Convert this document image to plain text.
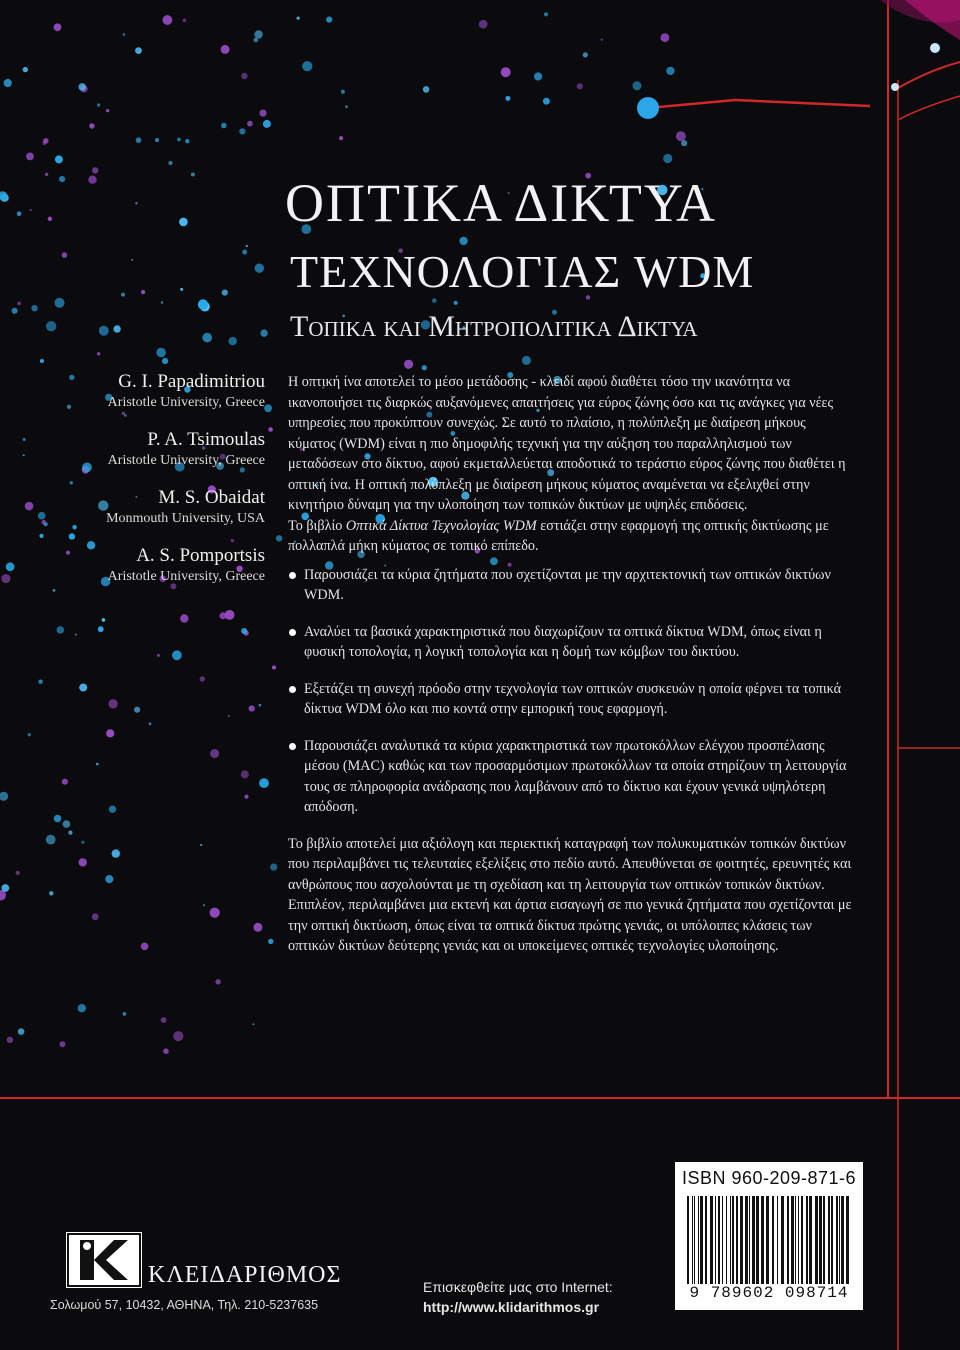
ΟΠΤΙΚΑ ΔΙΚΤΥΑ
ΤΕΧΝΟΛΟΓΙΑΣ WDM
Τοπικα και Μητροπολιτικα Δικτυα
G. I. Papadimitriou
Aristotle University, Greece
P. A. Tsimoulas
Aristotle University, Greece
M. S. Obaidat
Monmouth University, USA
A. S. Pomportsis
Aristotle University, Greece

Η οπτική ίνα αποτελεί το μέσο μετάδοσης - κλειδί αφού διαθέτει τόσο την ικανότητα να ικανοποιήσει τις διαρκώς αυξανόμενες απαιτήσεις για εύρος ζώνης όσο και τις ανάγκες για νέες υπηρεσίες που προκύπτουν συνεχώς. Σε αυτό το πλαίσιο, η πολύπλεξη με διαίρεση μήκους κύματος (WDM) είναι η πιο δημοφιλής τεχνική για την αύξηση του παραλληλισμού των μεταδόσεων στο δίκτυο, αφού εκμεταλλεύεται αποδοτικά το τεράστιο εύρος ζώνης που διαθέτει η οπτική ίνα. Η οπτική πολύπλεξη με διαίρεση μήκους κύματος αναμένεται να εξελιχθεί στην κινητήριο δύναμη για την υλοποίηση των τοπικών δικτύων με υψηλές επιδόσεις.

Το βιβλίο Οπτικά Δίκτυα Τεχνολογίας WDM εστιάζει στην εφαρμογή της οπτικής δικτύωσης με πολλαπλά μήκη κύματος σε τοπικό επίπεδο.

Παρουσιάζει τα κύρια ζητήματα που σχετίζονται με την αρχιτεκτονική των οπτικών δικτύων WDM.
Αναλύει τα βασικά χαρακτηριστικά που διαχωρίζουν τα οπτικά δίκτυα WDM, όπως είναι η φυσική τοπολογία, η λογική τοπολογία και η δομή των κόμβων του δικτύου.
Εξετάζει τη συνεχή πρόοδο στην τεχνολογία των οπτικών συσκευών η οποία φέρνει τα τοπικά δίκτυα WDM όλο και πιο κοντά στην εμπορική τους εφαρμογή.
Παρουσιάζει αναλυτικά τα κύρια χαρακτηριστικά των πρωτοκόλλων ελέγχου προσπέλασης μέσου (MAC) καθώς και των προσαρμόσιμων πρωτοκόλλων τα οποία στηρίζουν τη λειτουργία τους σε πληροφορία ανάδρασης που λαμβάνουν από το δίκτυο και έχουν γενικά υψηλότερη απόδοση.

Το βιβλίο αποτελεί μια αξιόλογη και περιεκτική καταγραφή των πολυκυματικών τοπικών δικτύων που περιλαμβάνει τις τελευταίες εξελίξεις στο πεδίο αυτό. Απευθύνεται σε φοιτητές, ερευνητές και ανθρώπους που ασχολούνται με τη σχεδίαση και τη λειτουργία των οπτικών τοπικών δικτύων. Επιπλέον, περιλαμβάνει μια εκτενή και άρτια εισαγωγή σε πιο γενικά ζητήματα που σχετίζονται με την οπτική δικτύωση, όπως είναι τα οπτικά δίκτυα πρώτης γενιάς, οι υπόλοιπες κλάσεις των οπτικών δικτύων δεύτερης γενιάς και οι υποκείμενες οπτικές τεχνολογίες υλοποίησης.

ISBN 960-209-871-6
9 789602 098714
ΚΛΕΙΔΑΡΙΘΜΟΣ
Σολωμού 57, 10432, ΑΘΗΝΑ, Τηλ. 210-5237635
Επισκεφθείτε μας στο Internet:
http://www.klidarithmos.gr
